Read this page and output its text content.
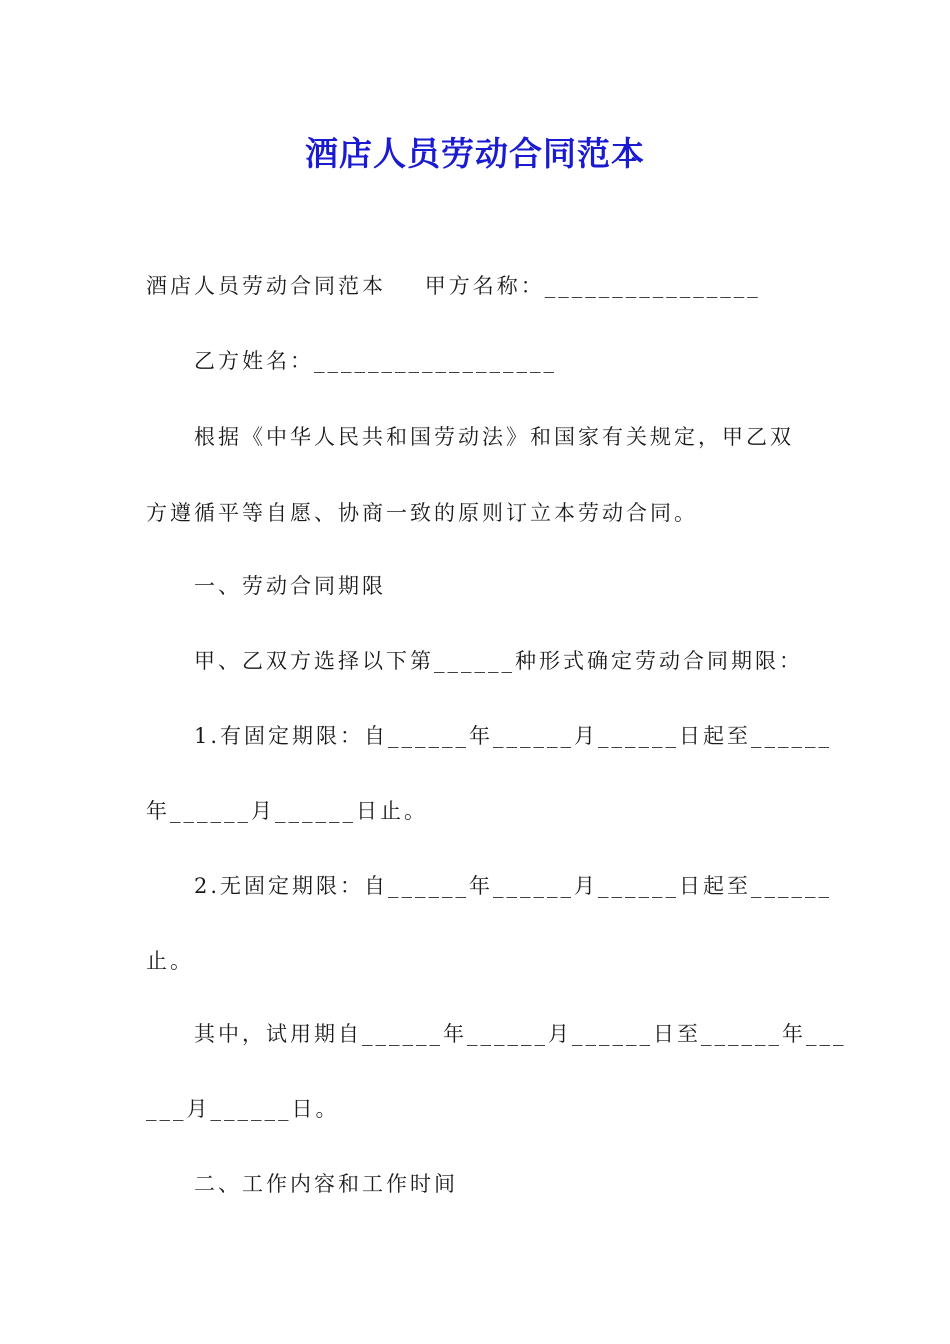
酒店人员劳动合同范本
酒店人员劳动合同范本    甲方名称：________________
乙方姓名：__________________
根据《中华人民共和国劳动法》和国家有关规定，甲乙双
方遵循平等自愿、协商一致的原则订立本劳动合同。
一、劳动合同期限
甲、乙双方选择以下第______种形式确定劳动合同期限：
1.有固定期限：自______年______月______日起至______
年______月______日止。
2.无固定期限：自______年______月______日起至______
止。
其中，试用期自______年______月______日至______年___
___月______日。
二、工作内容和工作时间
